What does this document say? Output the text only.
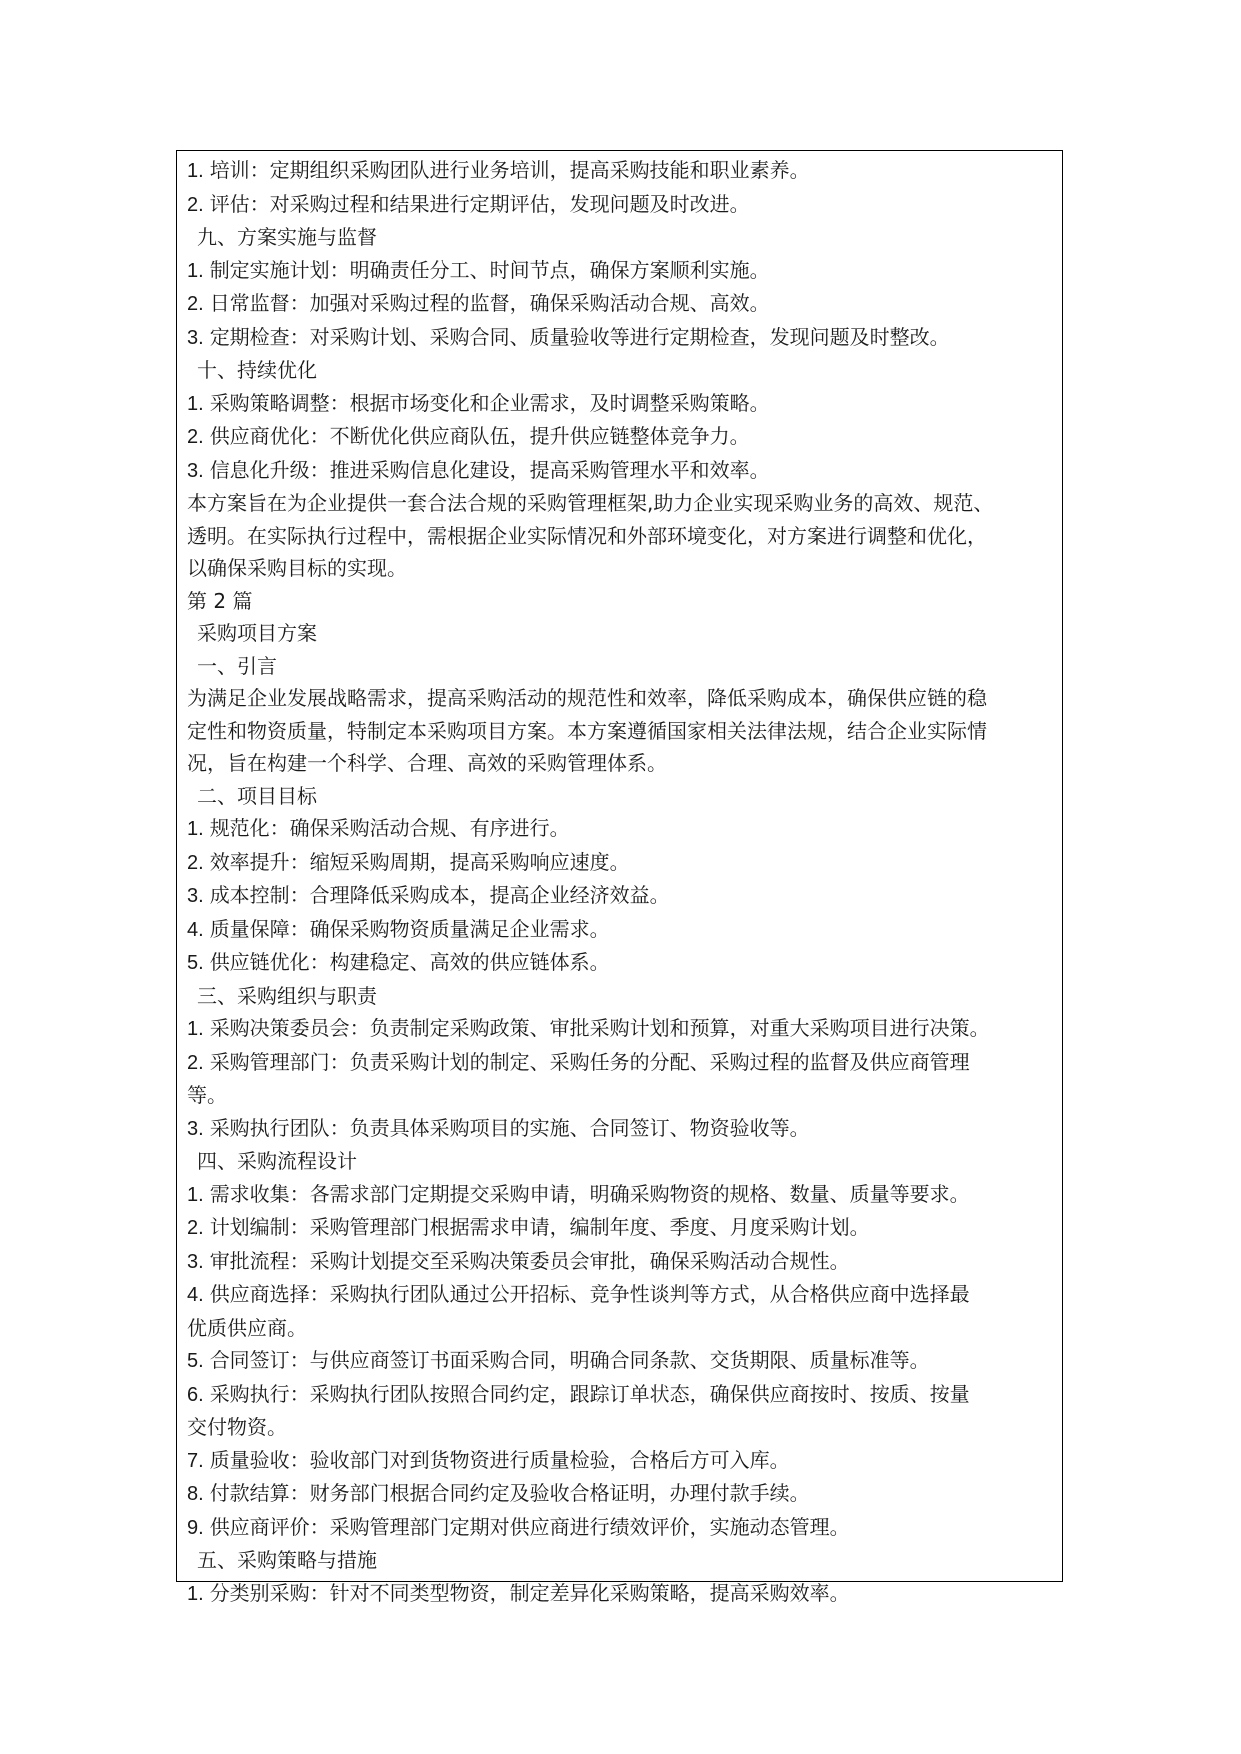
1. 培训：定期组织采购团队进行业务培训，提高采购技能和职业素养。
2. 评估：对采购过程和结果进行定期评估，发现问题及时改进。
九、方案实施与监督
1. 制定实施计划：明确责任分工、时间节点，确保方案顺利实施。
2. 日常监督：加强对采购过程的监督，确保采购活动合规、高效。
3. 定期检查：对采购计划、采购合同、质量验收等进行定期检查，发现问题及时整改。
十、持续优化
1. 采购策略调整：根据市场变化和企业需求，及时调整采购策略。
2. 供应商优化：不断优化供应商队伍，提升供应链整体竞争力。
3. 信息化升级：推进采购信息化建设，提高采购管理水平和效率。
本方案旨在为企业提供一套合法合规的采购管理框架,助力企业实现采购业务的高效、规范、
透明。在实际执行过程中，需根据企业实际情况和外部环境变化，对方案进行调整和优化，
以确保采购目标的实现。
第 2 篇
采购项目方案
一、引言
为满足企业发展战略需求，提高采购活动的规范性和效率，降低采购成本，确保供应链的稳
定性和物资质量，特制定本采购项目方案。本方案遵循国家相关法律法规，结合企业实际情
况，旨在构建一个科学、合理、高效的采购管理体系。
二、项目目标
1. 规范化：确保采购活动合规、有序进行。
2. 效率提升：缩短采购周期，提高采购响应速度。
3. 成本控制：合理降低采购成本，提高企业经济效益。
4. 质量保障：确保采购物资质量满足企业需求。
5. 供应链优化：构建稳定、高效的供应链体系。
三、采购组织与职责
1. 采购决策委员会：负责制定采购政策、审批采购计划和预算，对重大采购项目进行决策。
2. 采购管理部门：负责采购计划的制定、采购任务的分配、采购过程的监督及供应商管理
等。
3. 采购执行团队：负责具体采购项目的实施、合同签订、物资验收等。
四、采购流程设计
1. 需求收集：各需求部门定期提交采购申请，明确采购物资的规格、数量、质量等要求。
2. 计划编制：采购管理部门根据需求申请，编制年度、季度、月度采购计划。
3. 审批流程：采购计划提交至采购决策委员会审批，确保采购活动合规性。
4. 供应商选择：采购执行团队通过公开招标、竞争性谈判等方式，从合格供应商中选择最
优质供应商。
5. 合同签订：与供应商签订书面采购合同，明确合同条款、交货期限、质量标准等。
6. 采购执行：采购执行团队按照合同约定，跟踪订单状态，确保供应商按时、按质、按量
交付物资。
7. 质量验收：验收部门对到货物资进行质量检验，合格后方可入库。
8. 付款结算：财务部门根据合同约定及验收合格证明，办理付款手续。
9. 供应商评价：采购管理部门定期对供应商进行绩效评价，实施动态管理。
五、采购策略与措施
1. 分类别采购：针对不同类型物资，制定差异化采购策略，提高采购效率。
